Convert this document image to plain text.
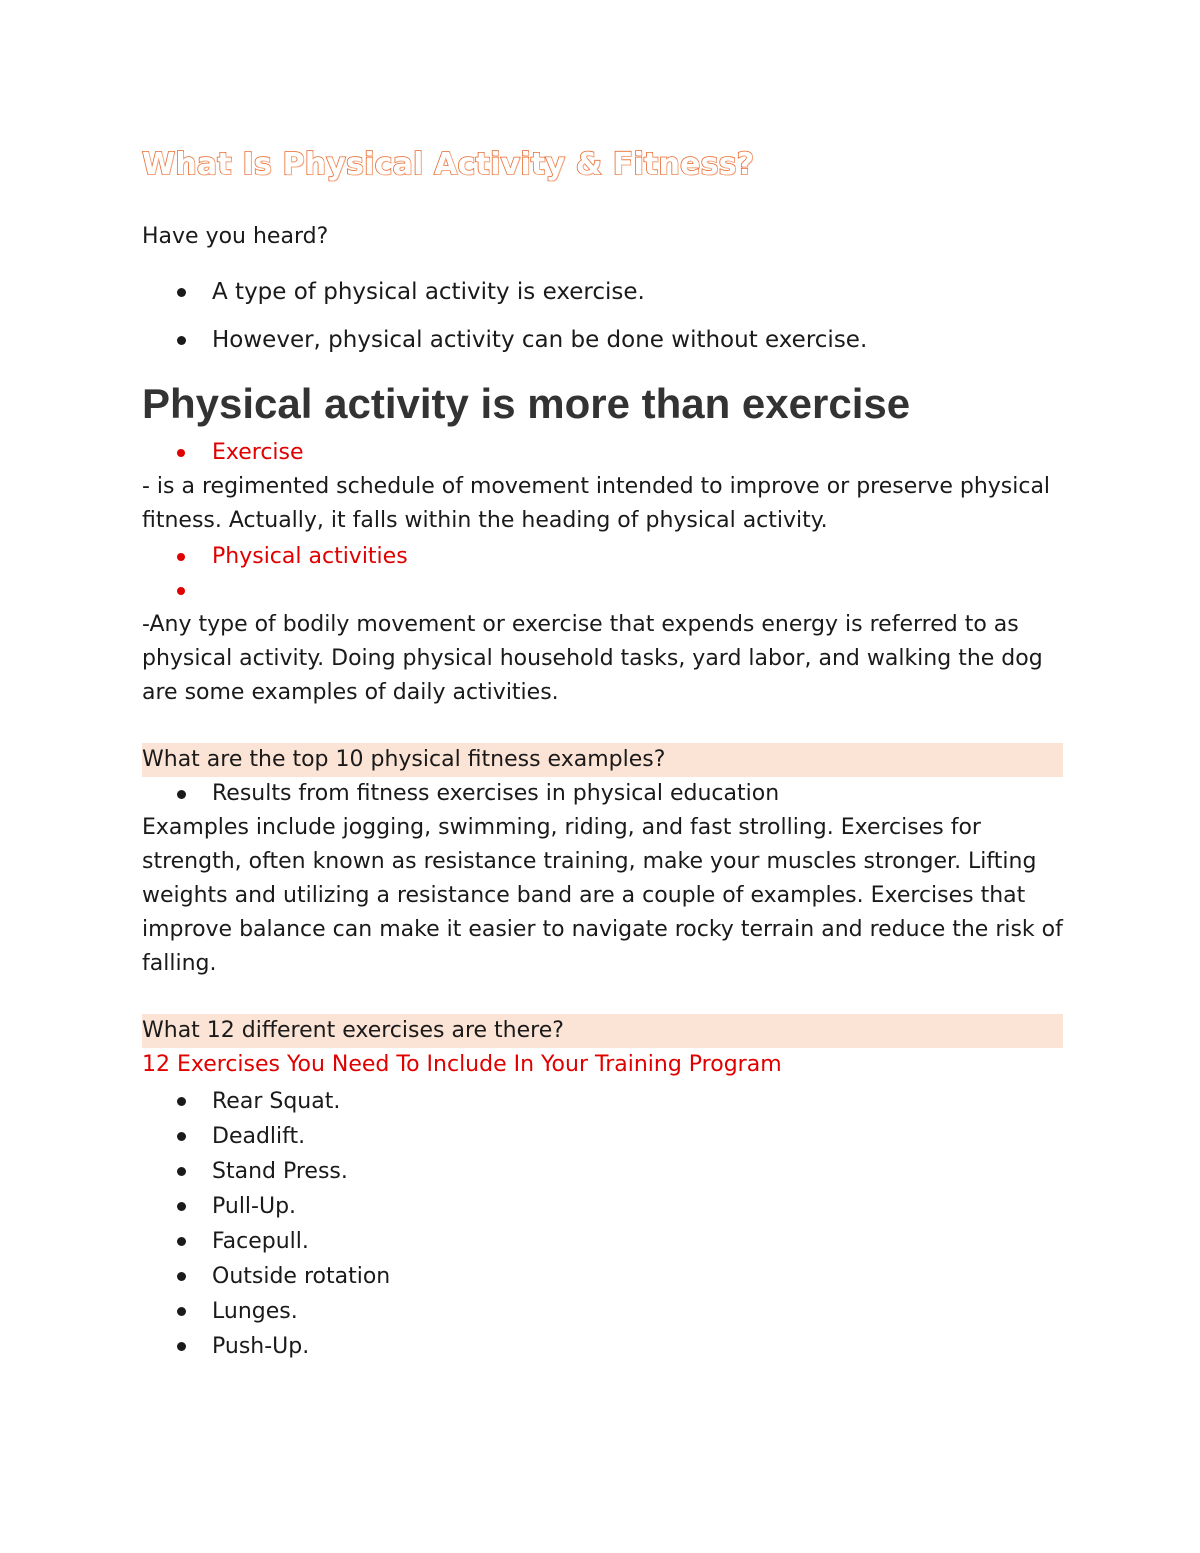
What Is Physical Activity & Fitness?

Have you heard?

A type of physical activity is exercise.
However, physical activity can be done without exercise.
Physical activity is more than exercise
Exercise

- is a regimented schedule of movement intended to improve or preserve physical fitness. Actually, it falls within the heading of physical activity.

Physical activities

-Any type of bodily movement or exercise that expends energy is referred to as physical activity. Doing physical household tasks, yard labor, and walking the dog are some examples of daily activities.

What are the top 10 physical fitness examples?

Results from fitness exercises in physical education

Examples include jogging, swimming, riding, and fast strolling. Exercises for strength, often known as resistance training, make your muscles stronger. Lifting weights and utilizing a resistance band are a couple of examples. Exercises that improve balance can make it easier to navigate rocky terrain and reduce the risk of falling.

What 12 different exercises are there?

12 Exercises You Need To Include In Your Training Program

Rear Squat.
Deadlift.
Stand Press.
Pull-Up.
Facepull.
Outside rotation
Lunges.
Push-Up.
